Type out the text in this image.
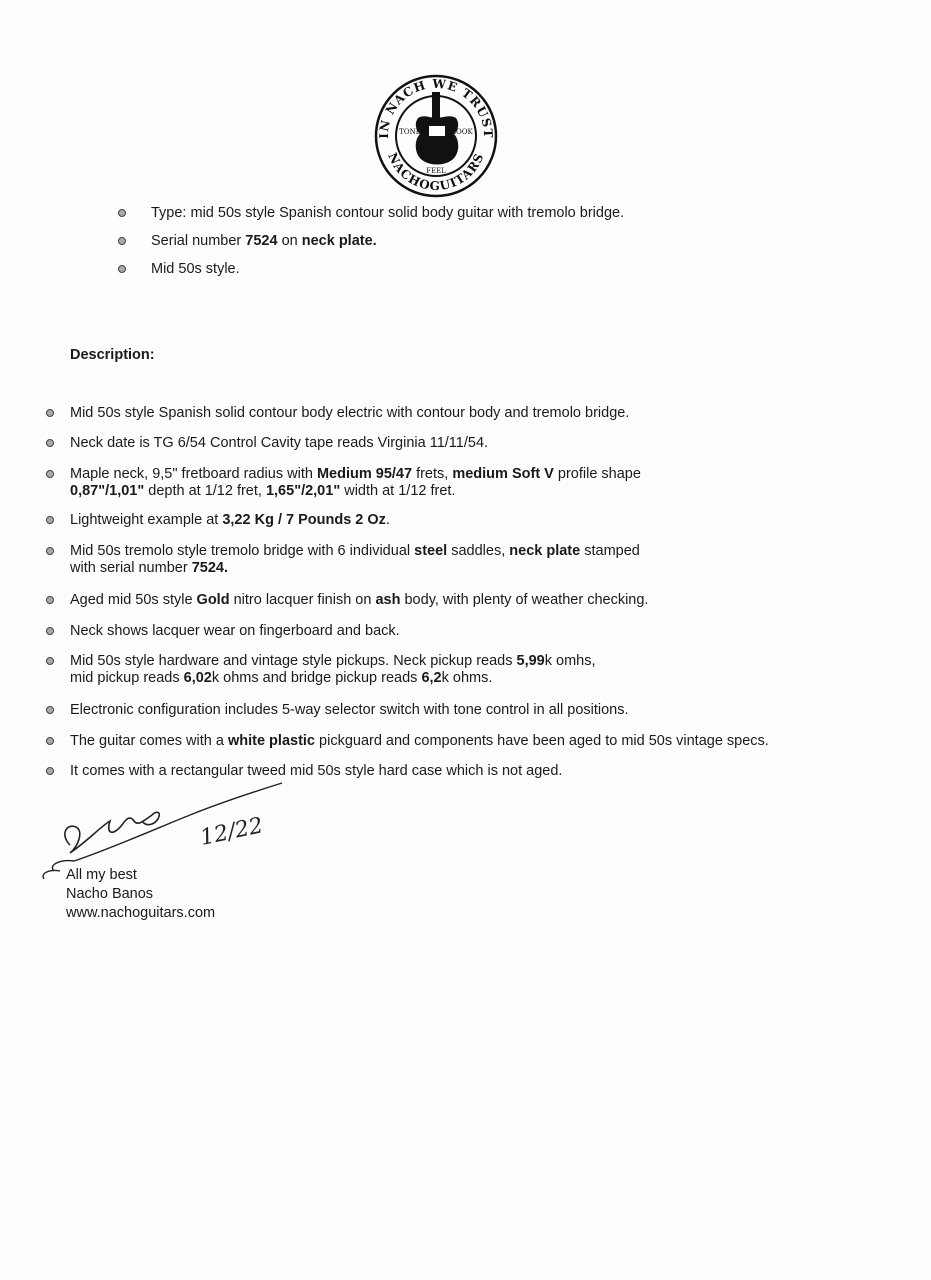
IN NACH WE TRUST
NACHOGUITARS
TONE	LOOK
FEEL
Type: mid 50s style Spanish contour solid body guitar with tremolo bridge.
Serial number 7524 on neck plate.
Mid 50s style.
Description:
Mid 50s style Spanish solid contour body electric with contour body and tremolo bridge.
Neck date is TG 6/54 Control Cavity tape reads Virginia 11/11/54.
Maple neck, 9,5" fretboard radius with Medium 95/47 frets, medium Soft V profile shape
0,87"/1,01" depth at 1/12 fret, 1,65"/2,01" width at 1/12 fret.
Lightweight example at 3,22 Kg / 7 Pounds 2 Oz.
Mid 50s tremolo style tremolo bridge with 6 individual steel saddles, neck plate stamped
with serial number 7524.
Aged mid 50s style Gold nitro lacquer finish on ash body, with plenty of weather checking.
Neck shows lacquer wear on fingerboard and back.
Mid 50s style hardware and vintage style pickups. Neck pickup reads 5,99k omhs,
mid pickup reads 6,02k ohms and bridge pickup reads 6,2k ohms.
Electronic configuration includes 5-way selector switch with tone control in all positions.
The guitar comes with a white plastic pickguard and components have been aged to mid 50s vintage specs.
It comes with a rectangular tweed mid 50s style hard case which is not aged.
12/22
All my best
Nacho Banos
www.nachoguitars.com
